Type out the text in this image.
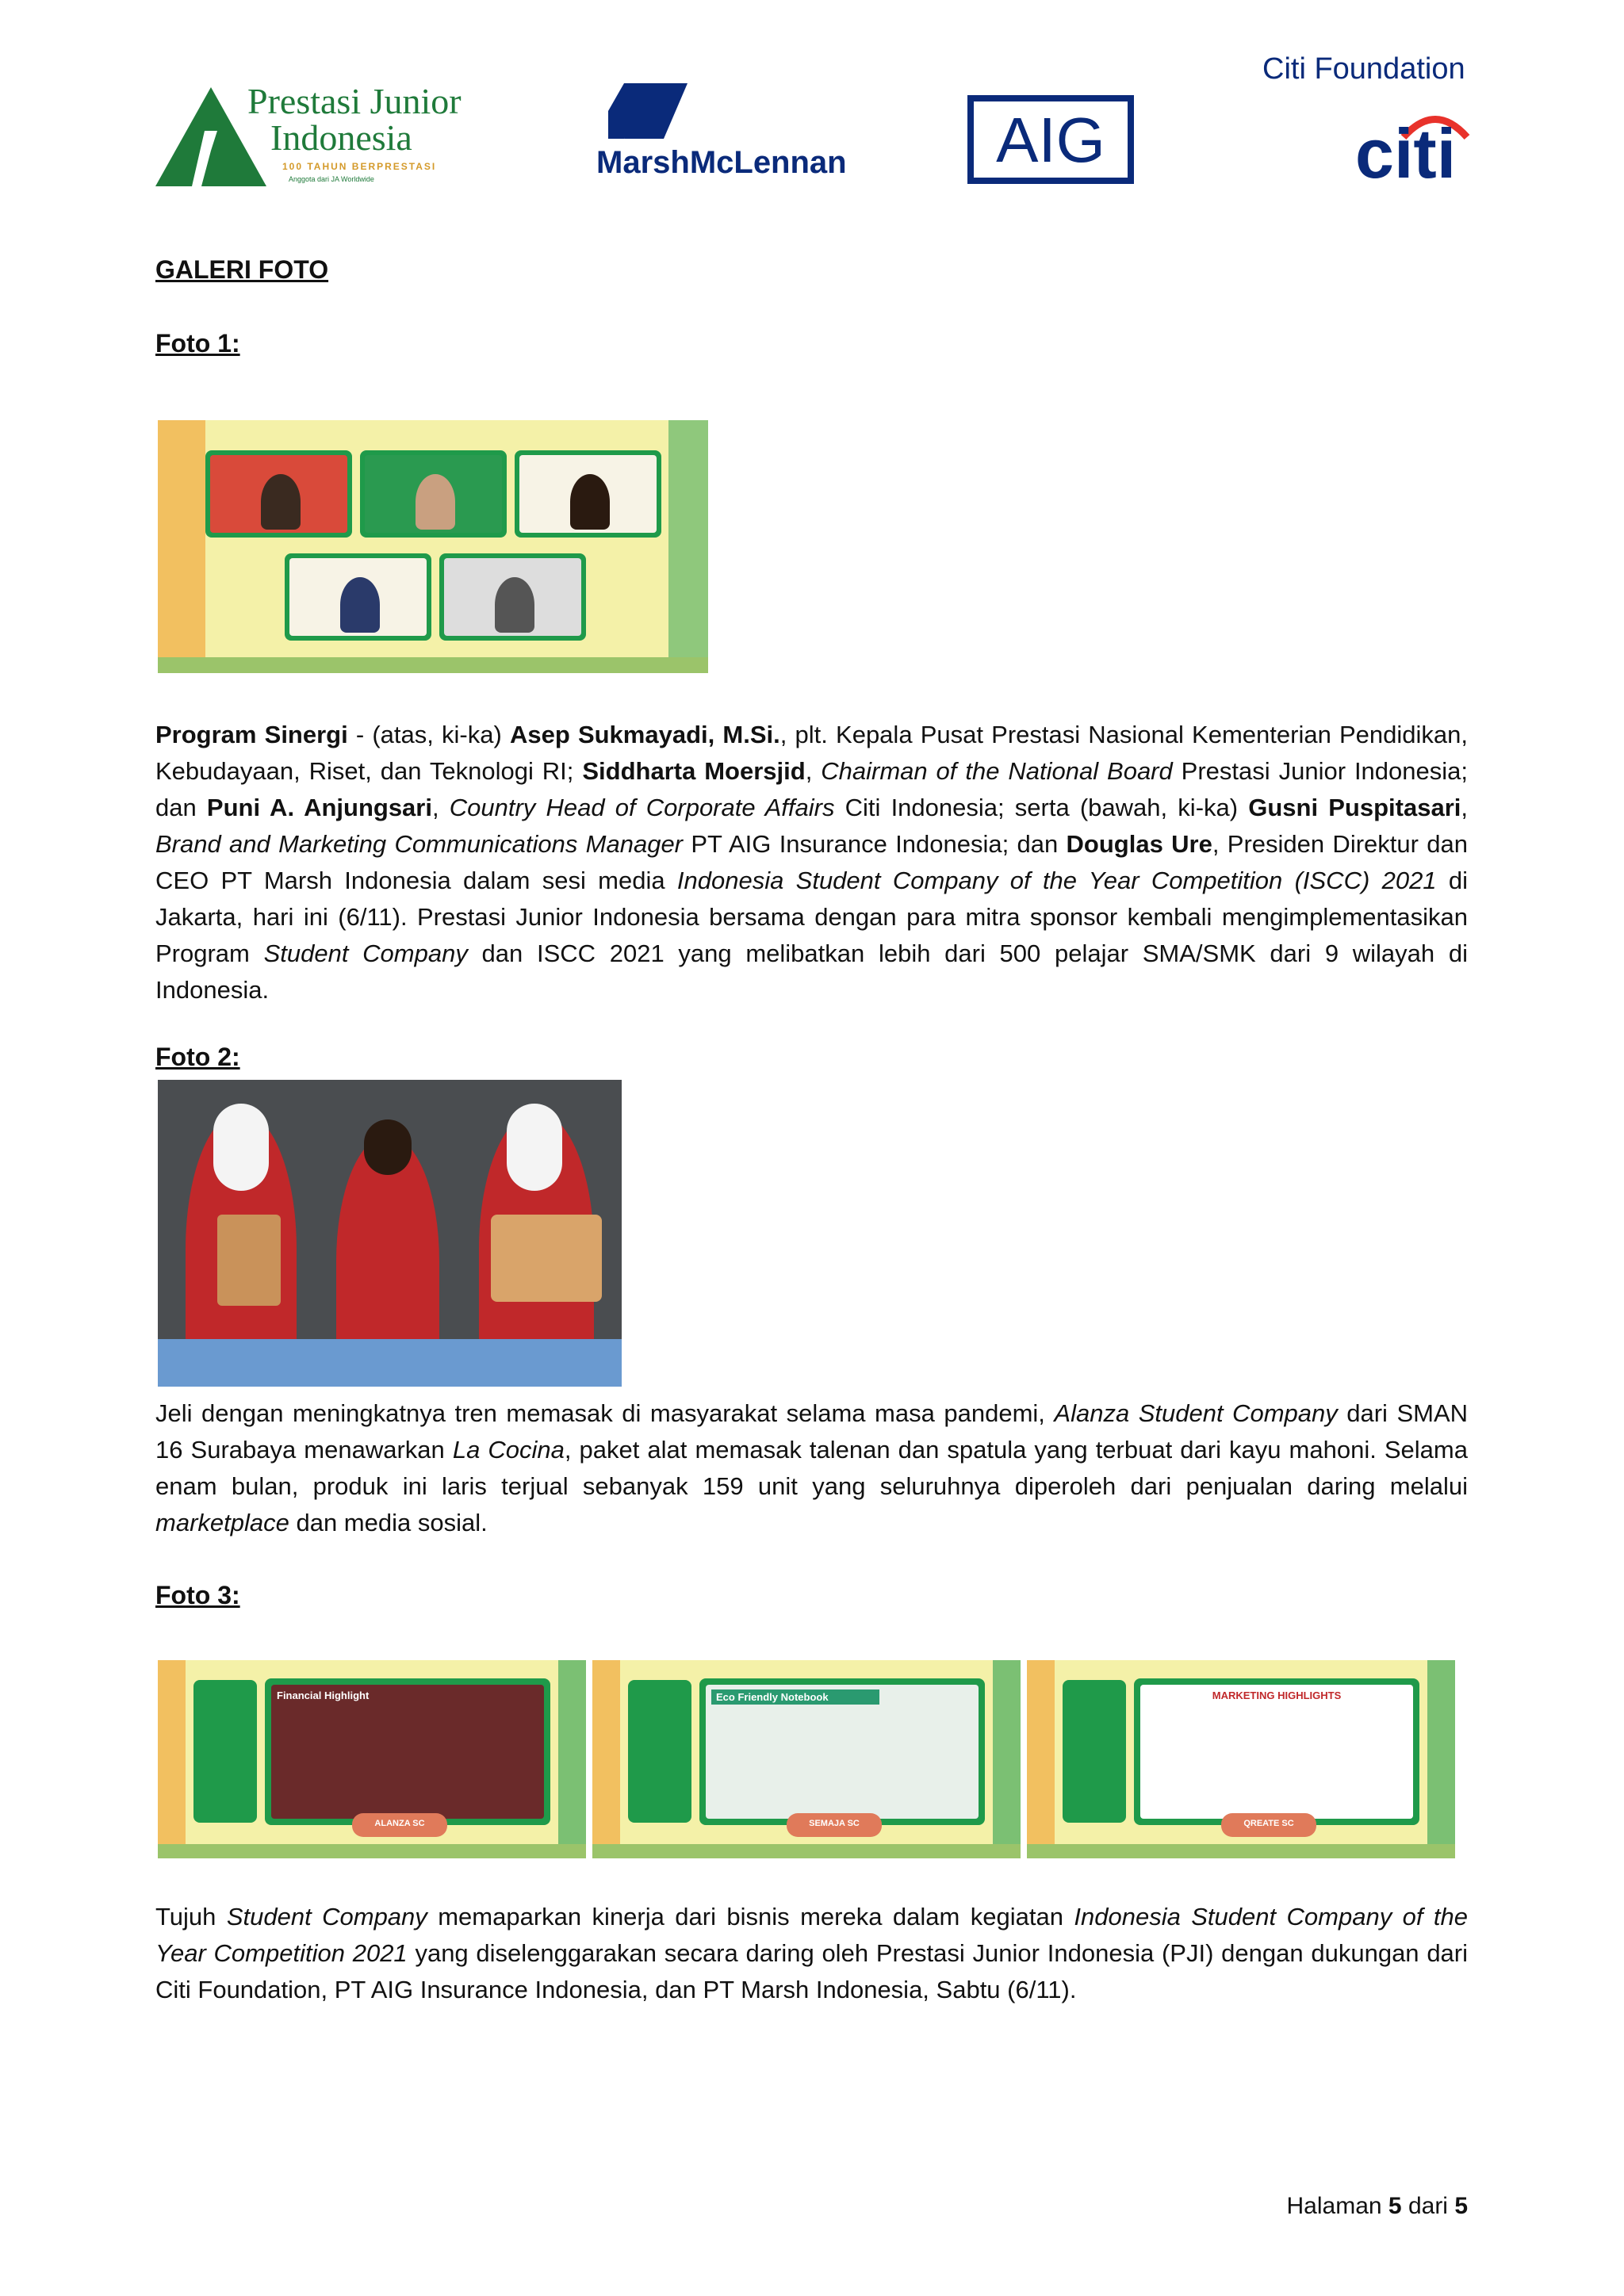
Prestasi Junior
Indonesia
100 TAHUN BERPRESTASI
Anggota dari JA Worldwide	MarshMcLennan	AIG
Citi Foundation
citi
GALERI FOTO
Foto 1:
Program Sinergi - (atas, ki-ka) Asep Sukmayadi, M.Si., plt. Kepala Pusat Prestasi Nasional Kementerian Pendidikan, Kebudayaan, Riset, dan Teknologi RI; Siddharta Moersjid, Chairman of the National Board Prestasi Junior Indonesia; dan Puni A. Anjungsari, Country Head of Corporate Affairs Citi Indonesia; serta (bawah, ki-ka) Gusni Puspitasari, Brand and Marketing Communications Manager PT AIG Insurance Indonesia; dan Douglas Ure, Presiden Direktur dan CEO PT Marsh Indonesia dalam sesi media Indonesia Student Company of the Year Competition (ISCC) 2021 di Jakarta, hari ini (6/11). Prestasi Junior Indonesia bersama dengan para mitra sponsor kembali mengimplementasikan Program Student Company dan ISCC 2021 yang melibatkan lebih dari 500 pelajar SMA/SMK dari 9 wilayah di Indonesia.
Foto 2:
Jeli dengan meningkatnya tren memasak di masyarakat selama masa pandemi, Alanza Student Company dari SMAN 16 Surabaya menawarkan La Cocina, paket alat memasak talenan dan spatula yang terbuat dari kayu mahoni. Selama enam bulan, produk ini laris terjual sebanyak 159 unit yang seluruhnya diperoleh dari penjualan daring melalui marketplace dan media sosial.
Foto 3:
Financial Highlight
ALANZA SC
Eco Friendly Notebook
SEMAJA SC
MARKETING HIGHLIGHTS
QREATE SC
Tujuh Student Company memaparkan kinerja dari bisnis mereka dalam kegiatan Indonesia Student Company of the Year Competition 2021 yang diselenggarakan secara daring oleh Prestasi Junior Indonesia (PJI) dengan dukungan dari Citi Foundation, PT AIG Insurance Indonesia, dan PT Marsh Indonesia, Sabtu (6/11).
Halaman 5 dari 5
